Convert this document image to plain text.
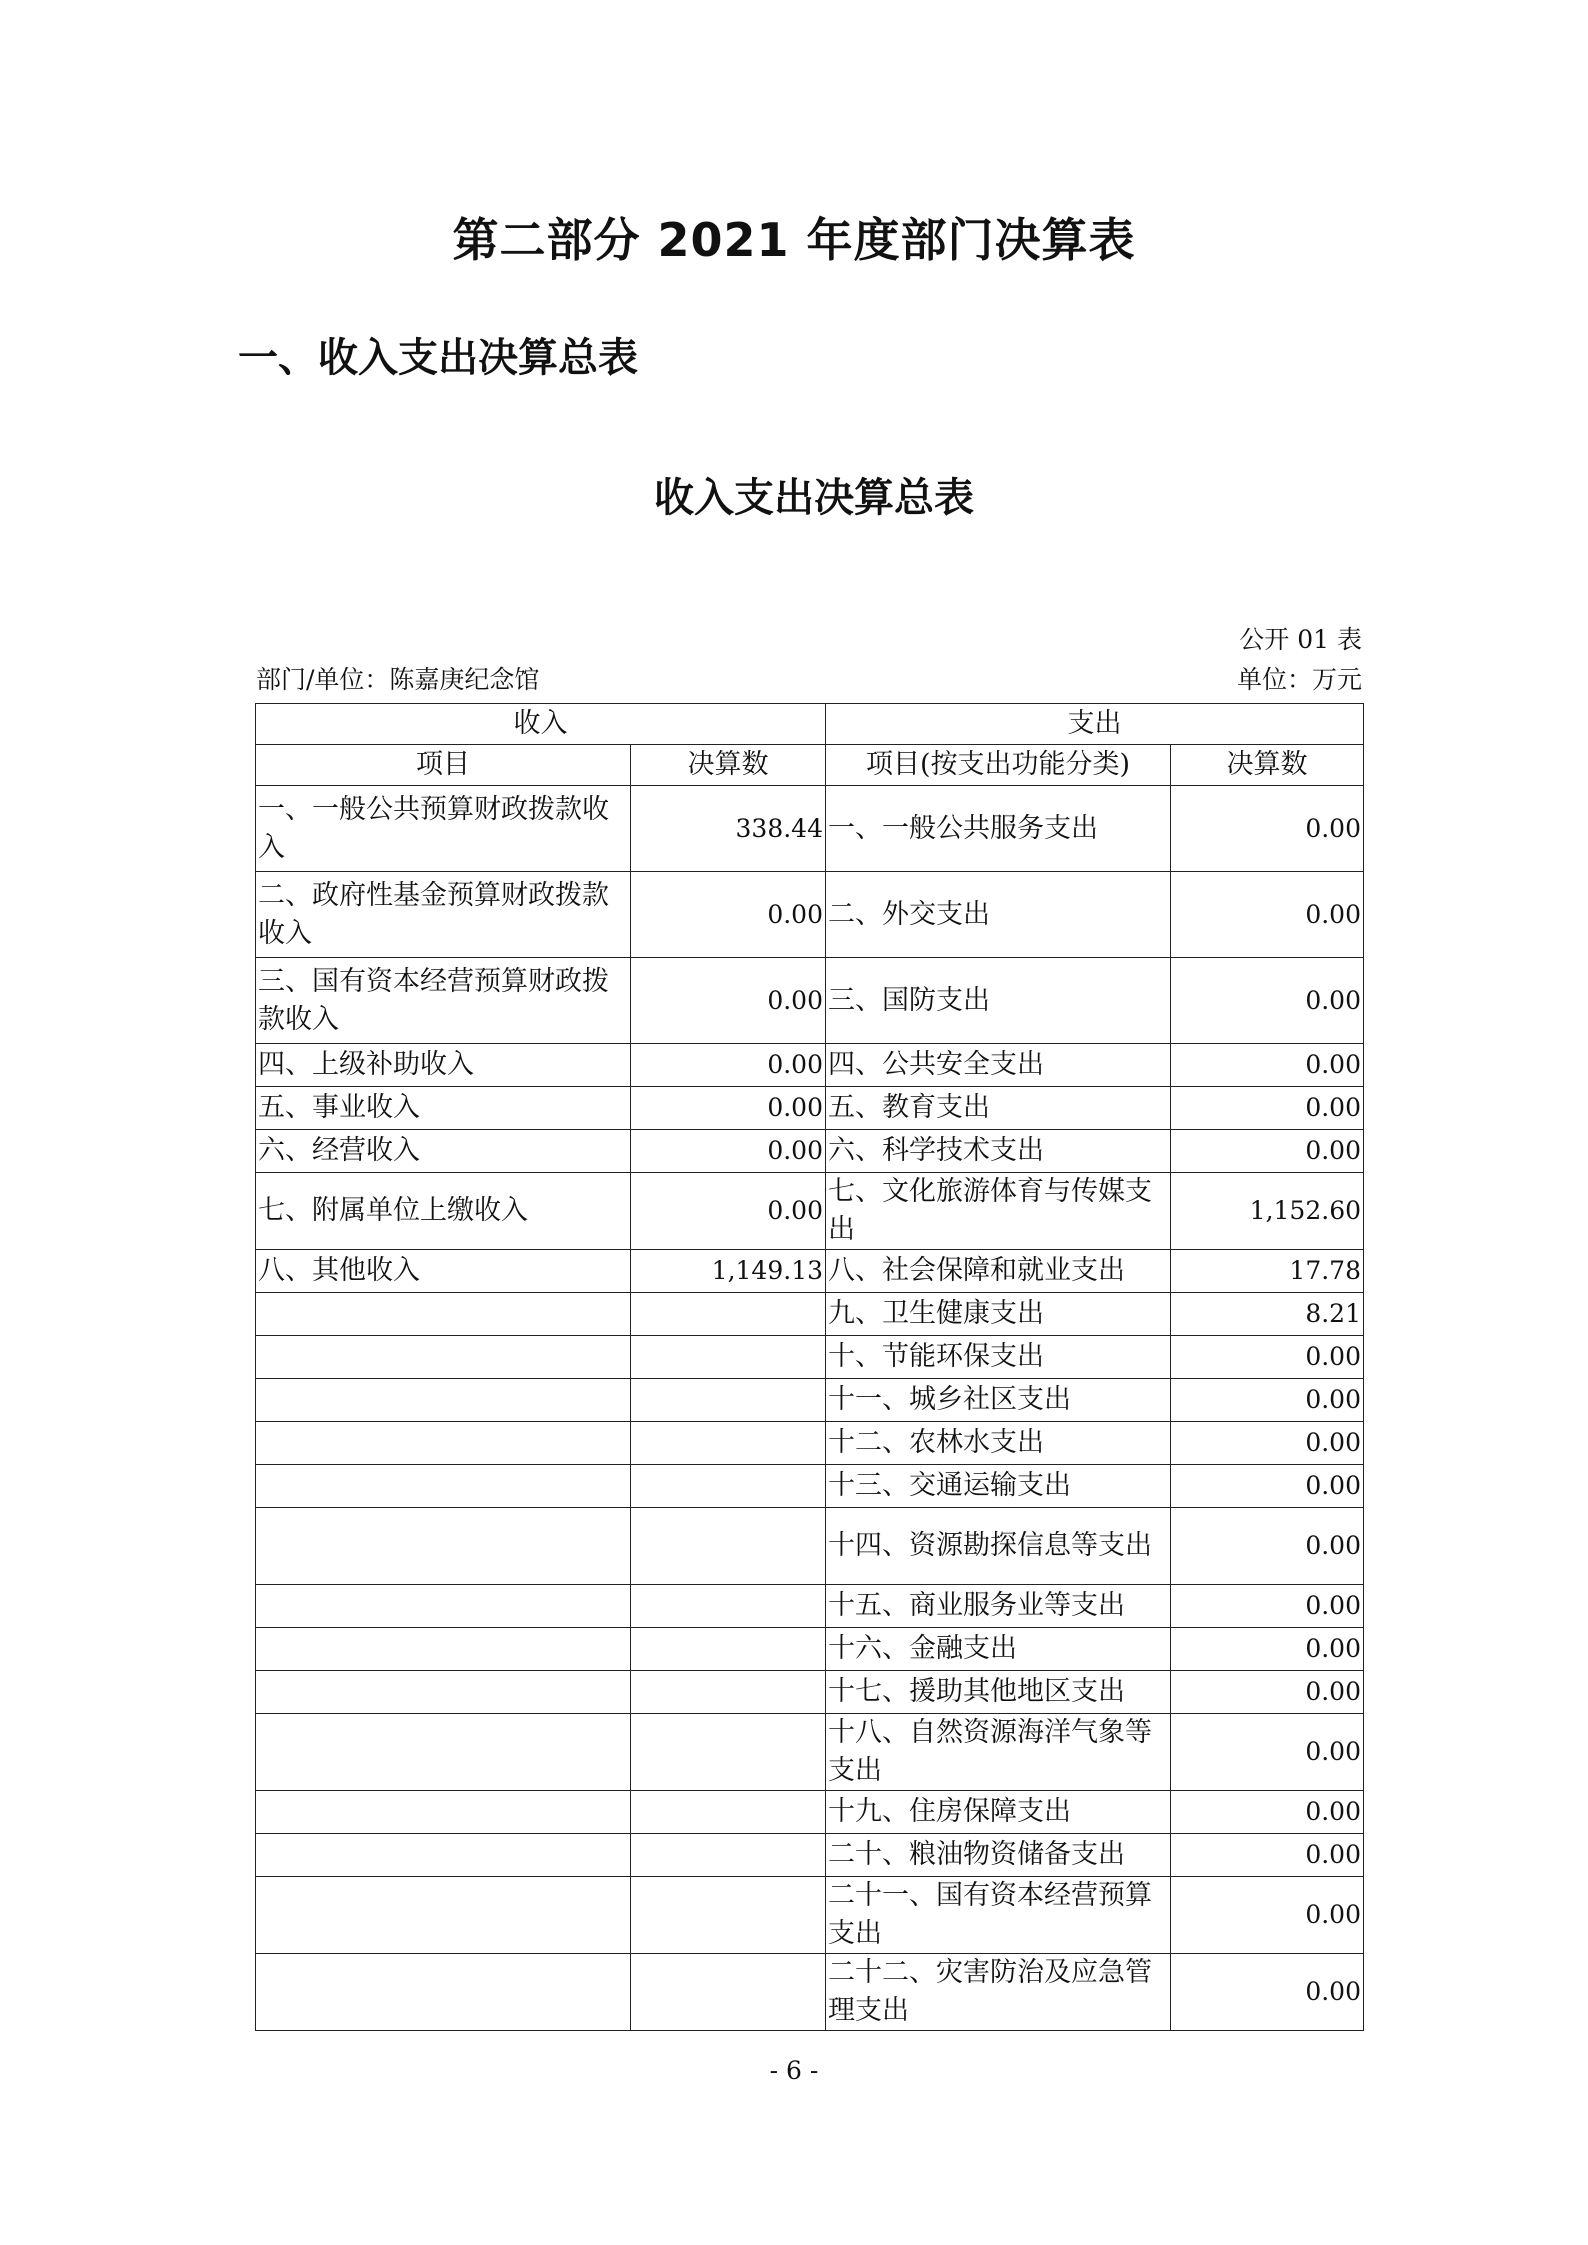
第二部分 2021 年度部门决算表
一、收入支出决算总表
收入支出决算总表
公开 01 表
部门/单位：陈嘉庚纪念馆	单位：万元
收入		支出	
项目	决算数	项目(按支出功能分类)	决算数
一、一般公共预算财政拨款收入	338.44	一、一般公共服务支出	0.00
二、政府性基金预算财政拨款收入	0.00	二、外交支出	0.00
三、国有资本经营预算财政拨款收入	0.00	三、国防支出	0.00
四、上级补助收入	0.00	四、公共安全支出	0.00
五、事业收入	0.00	五、教育支出	0.00
六、经营收入	0.00	六、科学技术支出	0.00
七、附属单位上缴收入	0.00	七、文化旅游体育与传媒支出	1,152.60
八、其他收入	1,149.13	八、社会保障和就业支出	17.78
		九、卫生健康支出	8.21
		十、节能环保支出	0.00
		十一、城乡社区支出	0.00
		十二、农林水支出	0.00
		十三、交通运输支出	0.00
		十四、资源勘探信息等支出	0.00
		十五、商业服务业等支出	0.00
		十六、金融支出	0.00
		十七、援助其他地区支出	0.00
		十八、自然资源海洋气象等支出	0.00
		十九、住房保障支出	0.00
		二十、粮油物资储备支出	0.00
		二十一、国有资本经营预算支出	0.00
		二十二、灾害防治及应急管理支出	0.00
- 6 -
